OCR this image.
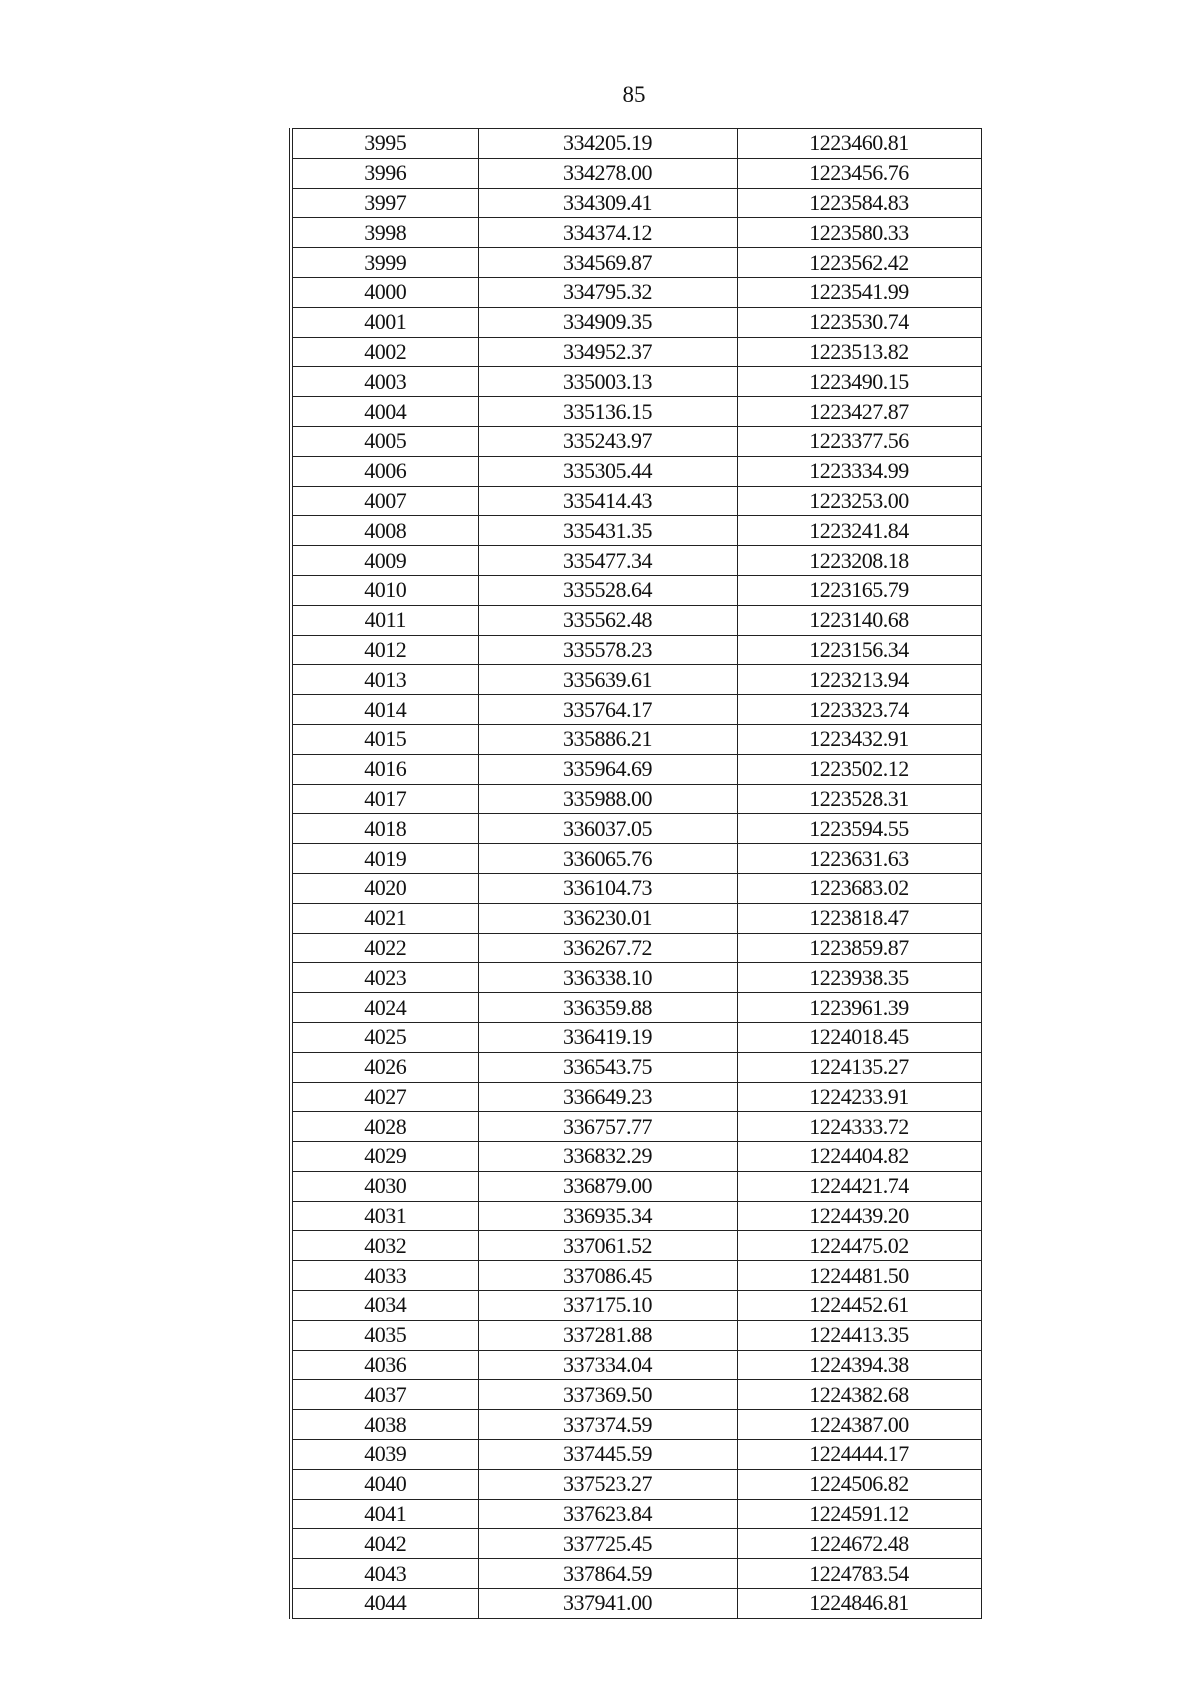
85
3995	334205.19	1223460.81
3996	334278.00	1223456.76
3997	334309.41	1223584.83
3998	334374.12	1223580.33
3999	334569.87	1223562.42
4000	334795.32	1223541.99
4001	334909.35	1223530.74
4002	334952.37	1223513.82
4003	335003.13	1223490.15
4004	335136.15	1223427.87
4005	335243.97	1223377.56
4006	335305.44	1223334.99
4007	335414.43	1223253.00
4008	335431.35	1223241.84
4009	335477.34	1223208.18
4010	335528.64	1223165.79
4011	335562.48	1223140.68
4012	335578.23	1223156.34
4013	335639.61	1223213.94
4014	335764.17	1223323.74
4015	335886.21	1223432.91
4016	335964.69	1223502.12
4017	335988.00	1223528.31
4018	336037.05	1223594.55
4019	336065.76	1223631.63
4020	336104.73	1223683.02
4021	336230.01	1223818.47
4022	336267.72	1223859.87
4023	336338.10	1223938.35
4024	336359.88	1223961.39
4025	336419.19	1224018.45
4026	336543.75	1224135.27
4027	336649.23	1224233.91
4028	336757.77	1224333.72
4029	336832.29	1224404.82
4030	336879.00	1224421.74
4031	336935.34	1224439.20
4032	337061.52	1224475.02
4033	337086.45	1224481.50
4034	337175.10	1224452.61
4035	337281.88	1224413.35
4036	337334.04	1224394.38
4037	337369.50	1224382.68
4038	337374.59	1224387.00
4039	337445.59	1224444.17
4040	337523.27	1224506.82
4041	337623.84	1224591.12
4042	337725.45	1224672.48
4043	337864.59	1224783.54
4044	337941.00	1224846.81
